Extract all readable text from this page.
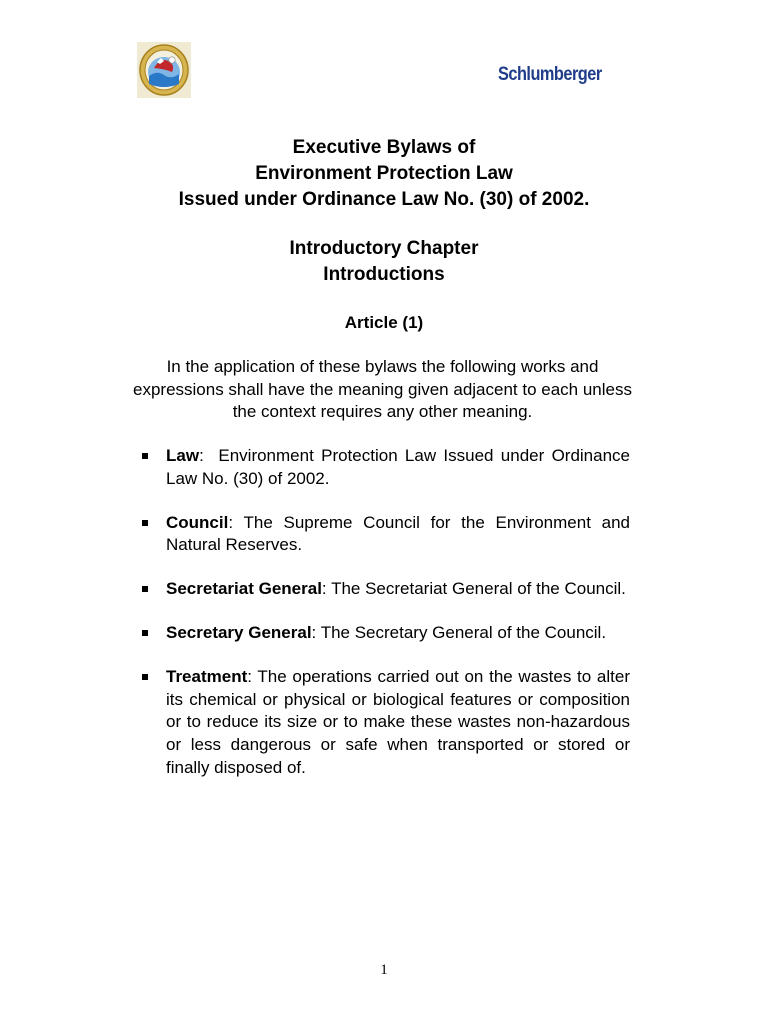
Schlumberger
Executive Bylaws of
Environment Protection Law
Issued under Ordinance Law No. (30) of 2002.
Introductory Chapter
Introductions
Article (1)
In the application of these bylaws the following works and expressions shall have the meaning given adjacent to each unless the context requires any other meaning.
Law:  Environment Protection Law Issued under Ordinance Law No. (30) of 2002.
Council: The Supreme Council for the Environment and Natural Reserves.
Secretariat General: The Secretariat General of the Council.
Secretary General: The Secretary General of the Council.
Treatment: The operations carried out on the wastes to alter its chemical or physical or biological features or composition or to reduce its size or to make these wastes non-hazardous or less dangerous or safe when transported or stored or finally disposed of.
1
